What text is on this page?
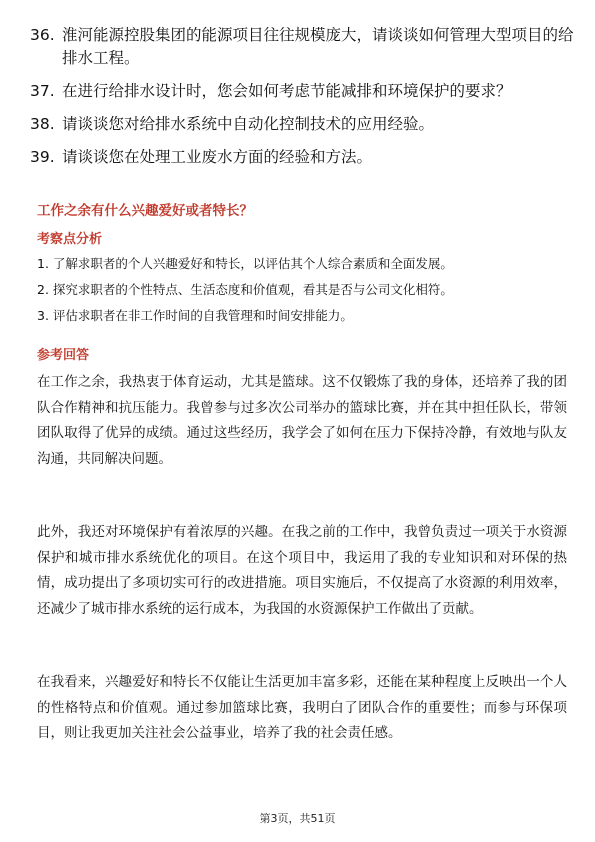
36. 淮河能源控股集团的能源项目往往规模庞大，请谈谈如何管理大型项目的给排水工程。
37. 在进行给排水设计时，您会如何考虑节能减排和环境保护的要求？
38. 请谈谈您对给排水系统中自动化控制技术的应用经验。
39. 请谈谈您在处理工业废水方面的经验和方法。
工作之余有什么兴趣爱好或者特长？
考察点分析
1. 了解求职者的个人兴趣爱好和特长，以评估其个人综合素质和全面发展。
2. 探究求职者的个性特点、生活态度和价值观，看其是否与公司文化相符。
3. 评估求职者在非工作时间的自我管理和时间安排能力。
参考回答

在工作之余，我热衷于体育运动，尤其是篮球。这不仅锻炼了我的身体，还培养了我的团队合作精神和抗压能力。我曾参与过多次公司举办的篮球比赛，并在其中担任队长，带领团队取得了优异的成绩。通过这些经历，我学会了如何在压力下保持冷静，有效地与队友沟通，共同解决问题。

此外，我还对环境保护有着浓厚的兴趣。在我之前的工作中，我曾负责过一项关于水资源保护和城市排水系统优化的项目。在这个项目中，我运用了我的专业知识和对环保的热情，成功提出了多项切实可行的改进措施。项目实施后，不仅提高了水资源的利用效率，还减少了城市排水系统的运行成本，为我国的水资源保护工作做出了贡献。

在我看来，兴趣爱好和特长不仅能让生活更加丰富多彩，还能在某种程度上反映出一个人的性格特点和价值观。通过参加篮球比赛，我明白了团队合作的重要性；而参与环保项目，则让我更加关注社会公益事业，培养了我的社会责任感。

第3页，共51页
